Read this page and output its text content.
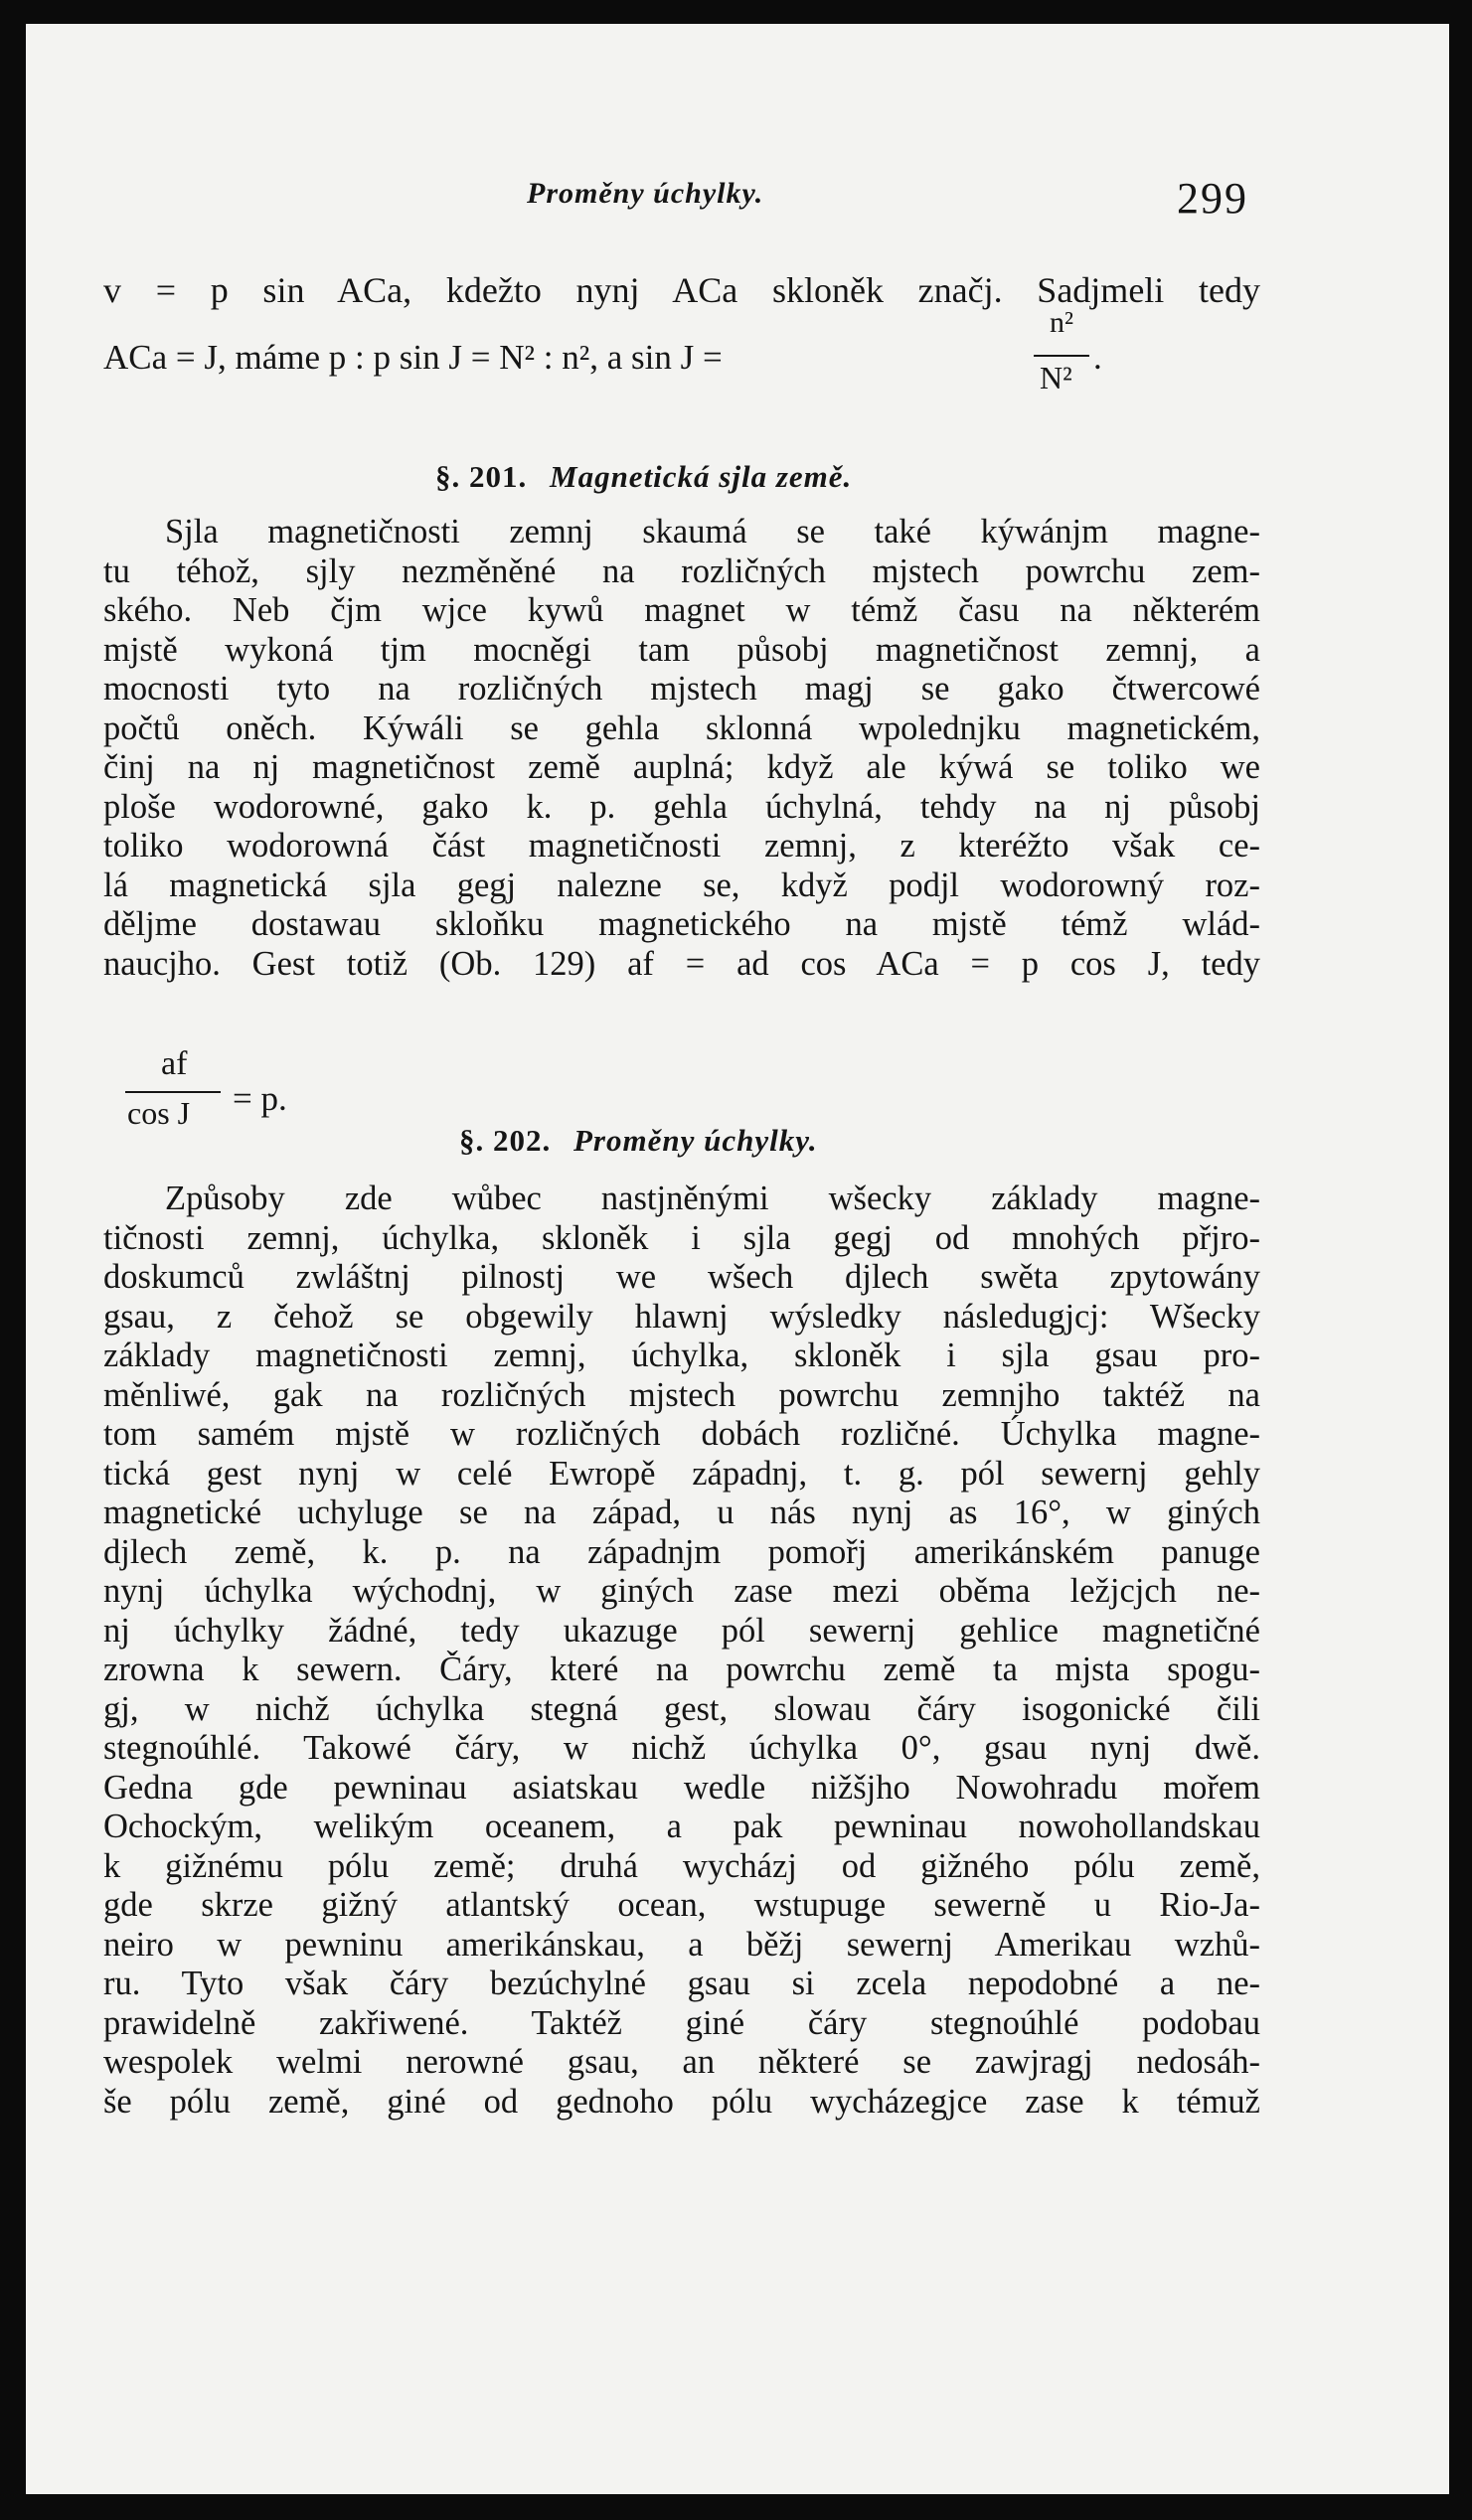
Proměny úchylky.	299
v = p sin ACa, kdežto nynj ACa skloněk značj. Sadjmeli tedy
ACa = J, máme p : p sin J = N² : n², a sin J =
n²
N²
.
§. 201. Magnetická sjla země.
Sjla magnetičnosti zemnj skaumá se také kýwánjm magne-
tu téhož, sjly nezměněné na rozličných mjstech powrchu zem-
ského. Neb čjm wjce kywů magnet w témž času na některém
mjstě wykoná tjm mocněgi tam působj magnetičnost zemnj, a
mocnosti tyto na rozličných mjstech magj se gako čtwercowé
počtů oněch. Kýwáli se gehla sklonná wpolednjku magnetickém,
činj na nj magnetičnost země auplná; když ale kýwá se toliko we
ploše wodorowné, gako k. p. gehla úchylná, tehdy na nj působj
toliko wodorowná část magnetičnosti zemnj, z kteréžto však ce-
lá magnetická sjla gegj nalezne se, když podjl wodorowný roz-
děljme dostawau skloňku magnetického na mjstě témž wlád-
naucjho. Gest totiž (Ob. 129) af = ad cos ACa = p cos J, tedy
af
cos J = p.
§. 202. Proměny úchylky.
Způsoby zde wůbec nastjněnými wšecky základy magne-
tičnosti zemnj, úchylka, skloněk i sjla gegj od mnohých přjro-
doskumců zwláštnj pilnostj we wšech djlech swěta zpytowány
gsau, z čehož se obgewily hlawnj wýsledky následugjcj: Wšecky
základy magnetičnosti zemnj, úchylka, skloněk i sjla gsau pro-
měnliwé, gak na rozličných mjstech powrchu zemnjho taktéž na
tom samém mjstě w rozličných dobách rozličné. Úchylka magne-
tická gest nynj w celé Ewropě západnj, t. g. pól sewernj gehly
magnetické uchyluge se na západ, u nás nynj as 16°, w giných
djlech země, k. p. na západnjm pomořj amerikánském panuge
nynj úchylka wýchodnj, w giných zase mezi oběma ležjcjch ne-
nj úchylky žádné, tedy ukazuge pól sewernj gehlice magnetičné
zrowna k sewern. Čáry, které na powrchu země ta mjsta spogu-
gj, w nichž úchylka stegná gest, slowau čáry isogonické čili
stegnoúhlé. Takowé čáry, w nichž úchylka 0°, gsau nynj dwě.
Gedna gde pewninau asiatskau wedle nižšjho Nowohradu mořem
Ochockým, welikým oceanem, a pak pewninau nowohollandskau
k gižnému pólu země; druhá wycházj od gižného pólu země,
gde skrze gižný atlantský ocean, wstupuge sewerně u Rio-Ja-
neiro w pewninu amerikánskau, a běžj sewernj Amerikau wzhů-
ru. Tyto však čáry bezúchylné gsau si zcela nepodobné a ne-
prawidelně zakřiwené. Taktéž giné čáry stegnoúhlé podobau
wespolek welmi nerowné gsau, an některé se zawjragj nedosáh-
še pólu země, giné od gednoho pólu wycházegjce zase k témuž
